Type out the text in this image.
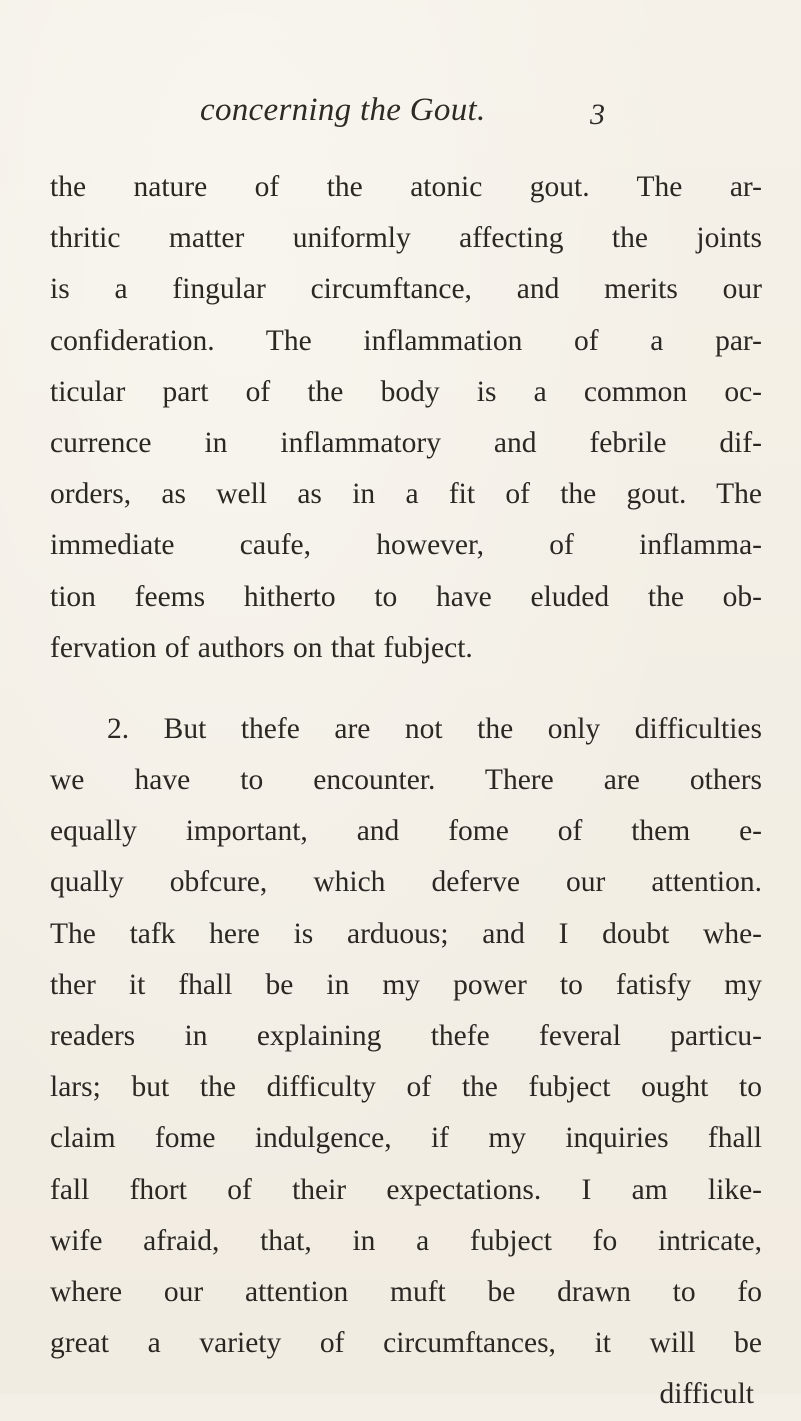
concerning the Gout.	3
the nature of the atonic gout. The ar-
thritic matter uniformly affecting the joints
is a fingular circumftance, and merits our
confideration. The inflammation of a par-
ticular part of the body is a common oc-
currence in inflammatory and febrile dif-
orders, as well as in a fit of the gout. The
immediate caufe, however, of inflamma-
tion feems hitherto to have eluded the ob-
fervation of authors on that fubject.
2. But thefe are not the only difficulties
we have to encounter. There are others
equally important, and fome of them e-
qually obfcure, which deferve our attention.
The tafk here is arduous; and I doubt whe-
ther it fhall be in my power to fatisfy my
readers in explaining thefe feveral particu-
lars; but the difficulty of the fubject ought to
claim fome indulgence, if my inquiries fhall
fall fhort of their expectations. I am like-
wife afraid, that, in a fubject fo intricate,
where our attention muft be drawn to fo
great a variety of circumftances, it will be
difficult
